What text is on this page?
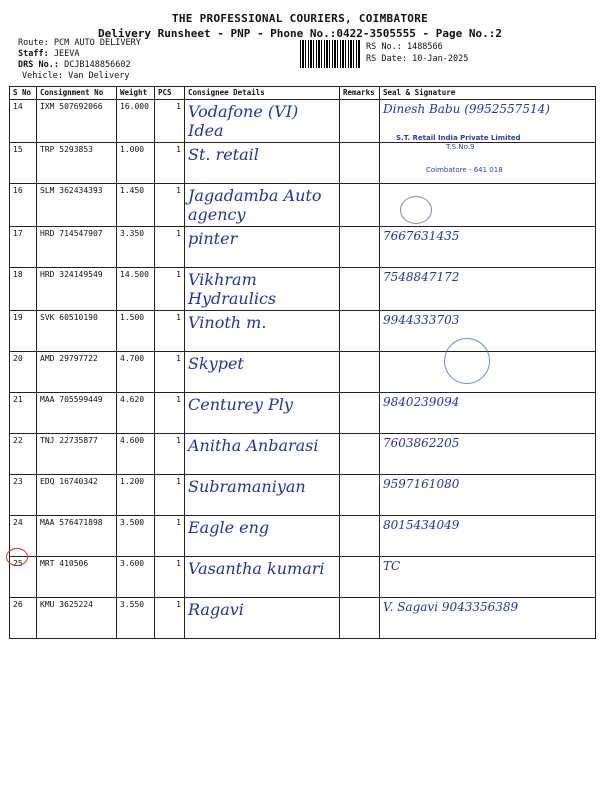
THE PROFESSIONAL COURIERS, COIMBATORE
Delivery Runsheet - PNP - Phone No.:0422-3505555 - Page No.:2
Route: PCM AUTO DELIVERY
Staff: JEEVA
DRS No.: DCJB148856602
Vehicle: Van Delivery
RS No.: 1488566
RS Date: 10-Jan-2025
S No	Consignment No	Weight	PCS	Consignee Details	Remarks	Seal & Signature
14	IXM 507692066	16.000	1	Vodafone (VI) Idea		Dinesh Babu (9952557514)
15	TRP 5293853	1.000	1	St. retail		
16	SLM 362434393	1.450	1	Jagadamba Auto agency		
17	HRD 714547907	3.350	1	pinter		7667631435
18	HRD 324149549	14.500	1	Vikhram Hydraulics		7548847172
19	SVK 60510190	1.500	1	Vinoth m.		9944333703
20	AMD 29797722	4.700	1	Skypet		
21	MAA 705599449	4.620	1	Centurey Ply		9840239094
22	TNJ 22735877	4.600	1	Anitha Anbarasi		7603862205
23	EDQ 16740342	1.200	1	Subramaniyan		9597161080
24	MAA 576471898	3.500	1	Eagle eng		8015434049
25	MRT 410506	3.600	1	Vasantha kumari		TC
26	KMU 3625224	3.550	1	Ragavi		V. Sagavi 9043356389
S.T. Retail India Private Limited
T.S.No.9
Coimbatore - 641 018
